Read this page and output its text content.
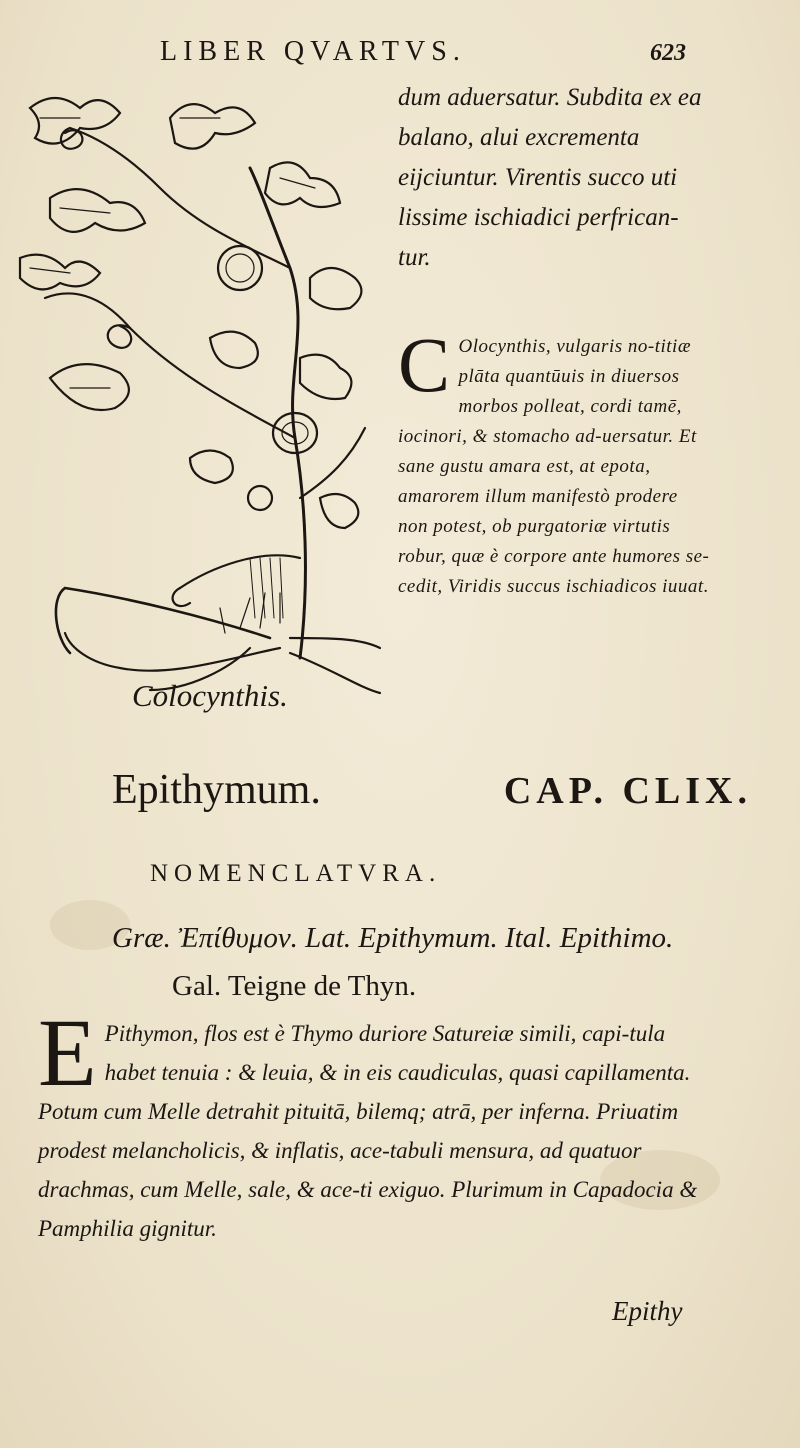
LIBER QVARTVS.	623
Colocynthis.

dum aduersatur. Subdita ex ea balano, alui excrementa eijciuntur. Virentis succo uti lissime ischiadici perfrican-tur.

C Olocynthis, vulgaris no-titiæ plāta quantūuis in diuersos morbos polleat, cordi tamē, iocinori, & stomacho ad-uersatur. Et sane gustu amara est, at epota, amarorem illum manifestò prodere non potest, ob purgatoriæ virtutis robur, quæ è corpore ante humores se-cedit, Viridis succus ischiadicos iuuat.

Epithymum.	CAP. CLIX.
NOMENCLATVRA.
Græ. Ἐπίθυμον. Lat. Epithymum. Ital. Epithimo.
Gal. Teigne de Thyn.
E Pithymon, flos est è Thymo duriore Satureiæ simili, capi-tula habet tenuia : & leuia, & in eis caudiculas, quasi capillamenta. Potum cum Melle detrahit pituitā, bilemq; atrā, per inferna. Priuatim prodest melancholicis, & inflatis, ace-tabuli mensura, ad quatuor drachmas, cum Melle, sale, & ace-ti exiguo. Plurimum in Capadocia & Pamphilia gignitur.

Epithy
